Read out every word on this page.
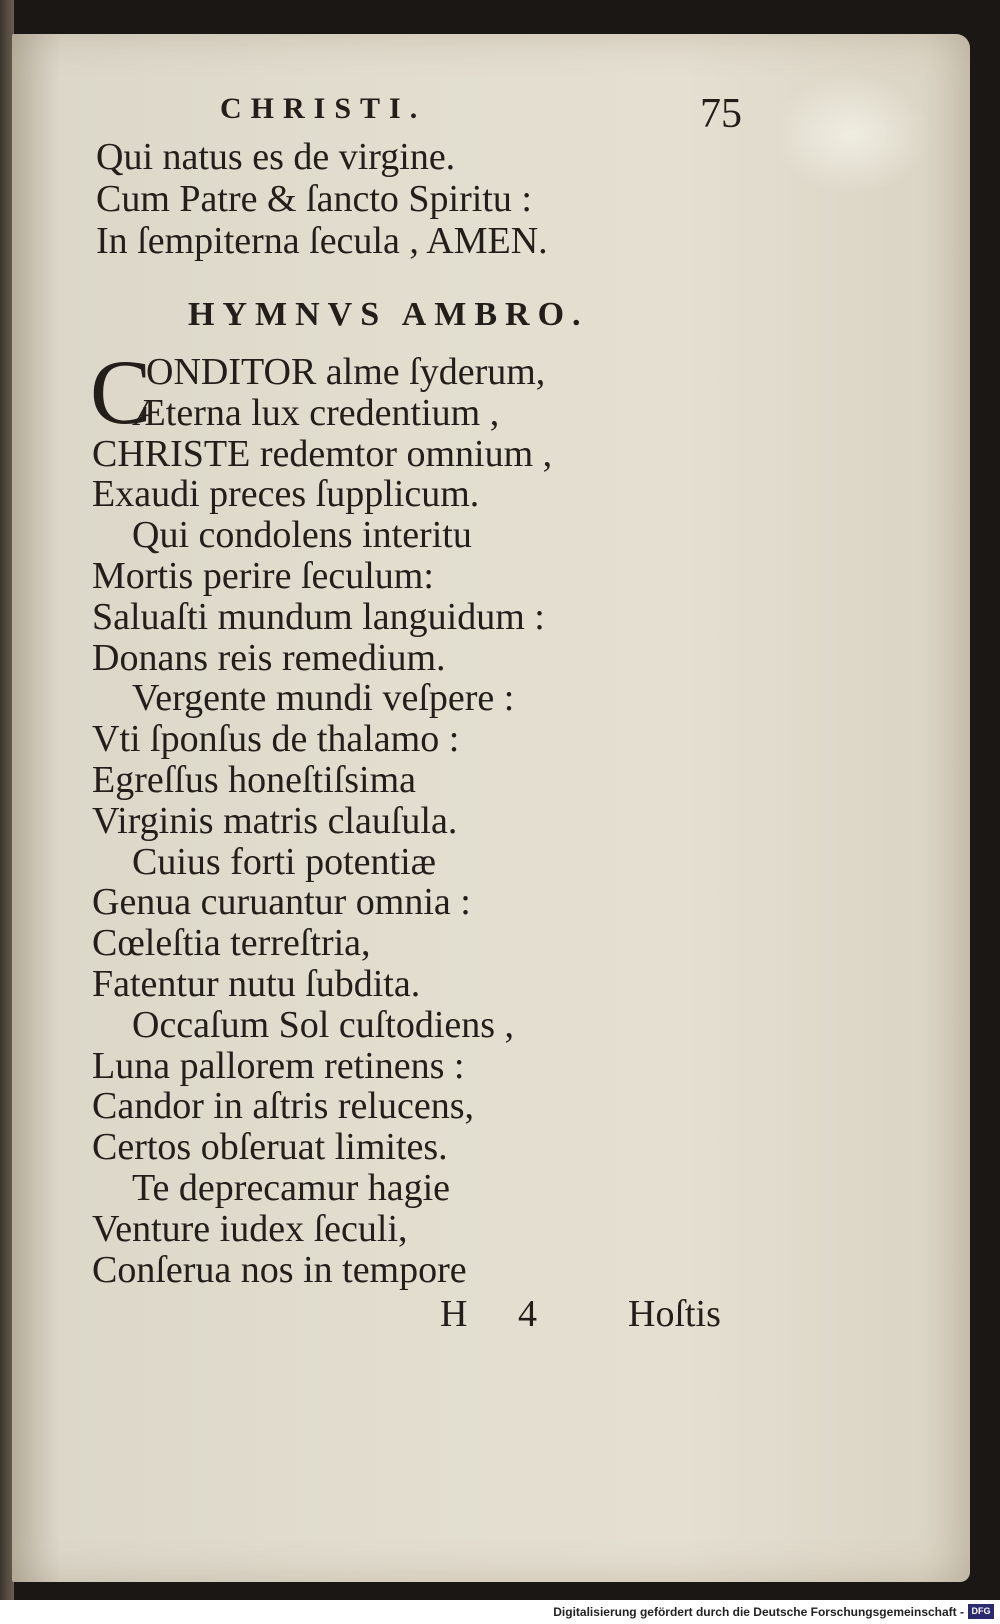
CHRISTI.	75
Qui natus es de virgine.
Cum Patre & ſancto Spiritu :
In ſempiterna ſecula , AMEN.
HYMNVS AMBRO.
C
ONDITOR alme ſyderum,
Æterna lux credentium ,
CHRISTE redemtor omnium ,
Exaudi preces ſupplicum.
Qui condolens interitu
Mortis perire ſeculum:
Saluaſti mundum languidum :
Donans reis remedium.
Vergente mundi veſpere :
Vti ſponſus de thalamo :
Egreſſus honeſtiſsima
Virginis matris clauſula.
Cuius forti potentiæ
Genua curuantur omnia :
Cœleſtia terreſtria,
Fatentur nutu ſubdita.
Occaſum Sol cuſtodiens ,
Luna pallorem retinens :
Candor in aſtris relucens,
Certos obſeruat limites.
Te deprecamur hagie
Venture iudex ſeculi,
Conſerua nos in tempore
H 4 Hoſtis
Digitalisierung gefördert durch die Deutsche Forschungsgemeinschaft - DFG
